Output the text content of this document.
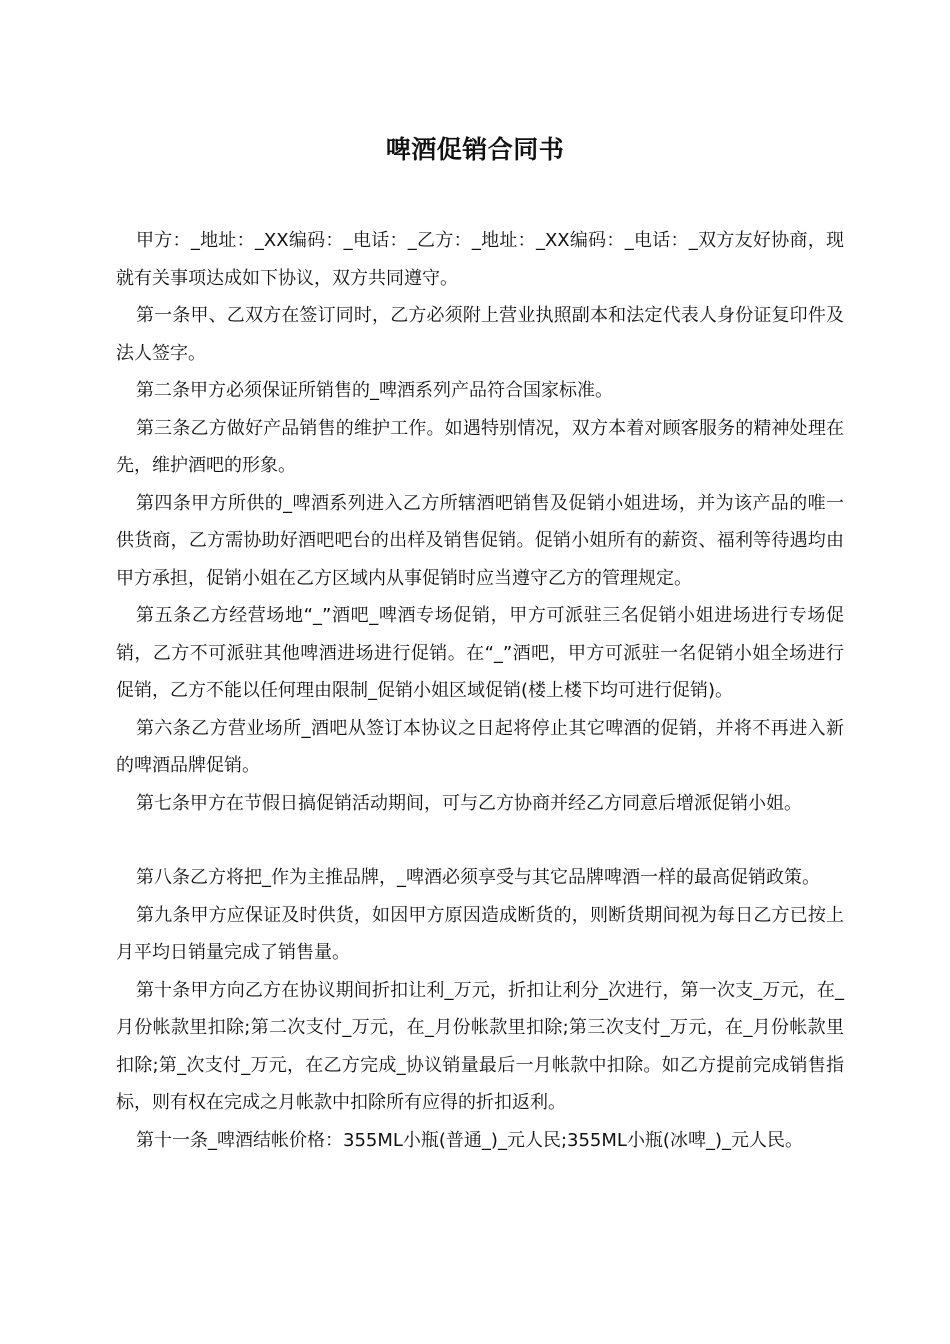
啤酒促销合同书

甲方：_地址：_XX编码：_电话：_乙方：_地址：_XX编码：_电话：_双方友好协商，现就有关事项达成如下协议，双方共同遵守。

第一条甲、乙双方在签订同时，乙方必须附上营业执照副本和法定代表人身份证复印件及法人签字。

第二条甲方必须保证所销售的_啤酒系列产品符合国家标准。

第三条乙方做好产品销售的维护工作。如遇特别情况，双方本着对顾客服务的精神处理在先，维护酒吧的形象。

第四条甲方所供的_啤酒系列进入乙方所辖酒吧销售及促销小姐进场，并为该产品的唯一供货商，乙方需协助好酒吧吧台的出样及销售促销。促销小姐所有的薪资、福利等待遇均由甲方承担，促销小姐在乙方区域内从事促销时应当遵守乙方的管理规定。

第五条乙方经营场地“_”酒吧_啤酒专场促销，甲方可派驻三名促销小姐进场进行专场促销，乙方不可派驻其他啤酒进场进行促销。在“_”酒吧，甲方可派驻一名促销小姐全场进行促销，乙方不能以任何理由限制_促销小姐区域促销(楼上楼下均可进行促销)。

第六条乙方营业场所_酒吧从签订本协议之日起将停止其它啤酒的促销，并将不再进入新的啤酒品牌促销。

第七条甲方在节假日搞促销活动期间，可与乙方协商并经乙方同意后增派促销小姐。

第八条乙方将把_作为主推品牌，_啤酒必须享受与其它品牌啤酒一样的最高促销政策。

第九条甲方应保证及时供货，如因甲方原因造成断货的，则断货期间视为每日乙方已按上月平均日销量完成了销售量。

第十条甲方向乙方在协议期间折扣让利_万元，折扣让利分_次进行，第一次支_万元，在_月份帐款里扣除;第二次支付_万元，在_月份帐款里扣除;第三次支付_万元，在_月份帐款里扣除;第_次支付_万元，在乙方完成_协议销量最后一月帐款中扣除。如乙方提前完成销售指标，则有权在完成之月帐款中扣除所有应得的折扣返利。

第十一条_啤酒结帐价格：355ML小瓶(普通_)_元人民;355ML小瓶(冰啤_)_元人民。
